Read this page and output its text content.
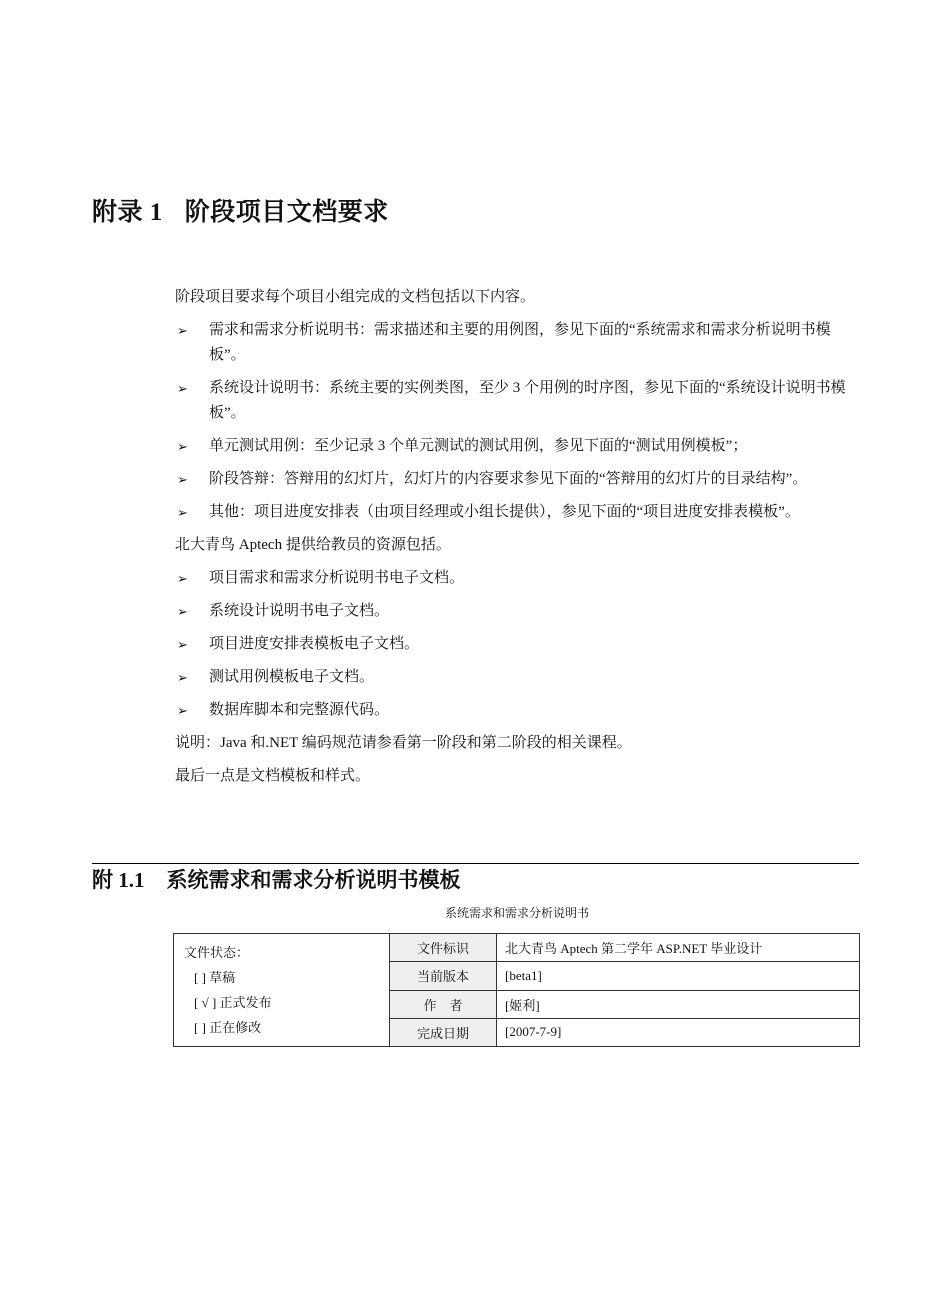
附录 1 阶段项目文档要求

阶段项目要求每个项目小组完成的文档包括以下内容。

➢ 需求和需求分析说明书：需求描述和主要的用例图，参见下面的“系统需求和需求分析说明书模板”。
➢ 系统设计说明书：系统主要的实例类图，至少 3 个用例的时序图，参见下面的“系统设计说明书模板”。
➢ 单元测试用例：至少记录 3 个单元测试的测试用例，参见下面的“测试用例模板”；
➢ 阶段答辩：答辩用的幻灯片，幻灯片的内容要求参见下面的“答辩用的幻灯片的目录结构”。
➢ 其他：项目进度安排表（由项目经理或小组长提供），参见下面的“项目进度安排表模板”。

北大青鸟 Aptech 提供给教员的资源包括。

➢ 项目需求和需求分析说明书电子文档。
➢ 系统设计说明书电子文档。
➢ 项目进度安排表模板电子文档。
➢ 测试用例模板电子文档。
➢ 数据库脚本和完整源代码。

说明：Java 和.NET 编码规范请参看第一阶段和第二阶段的相关课程。

最后一点是文档模板和样式。

附 1.1 系统需求和需求分析说明书模板
系统需求和需求分析说明书
文件状态：
[ ] 草稿
[ √ ] 正式发布
[ ] 正在修改	文件标识	北大青鸟 Aptech 第二学年 ASP.NET 毕业设计
	当前版本	[beta1]
	作　者	[姬利]
	完成日期	[2007-7-9]
